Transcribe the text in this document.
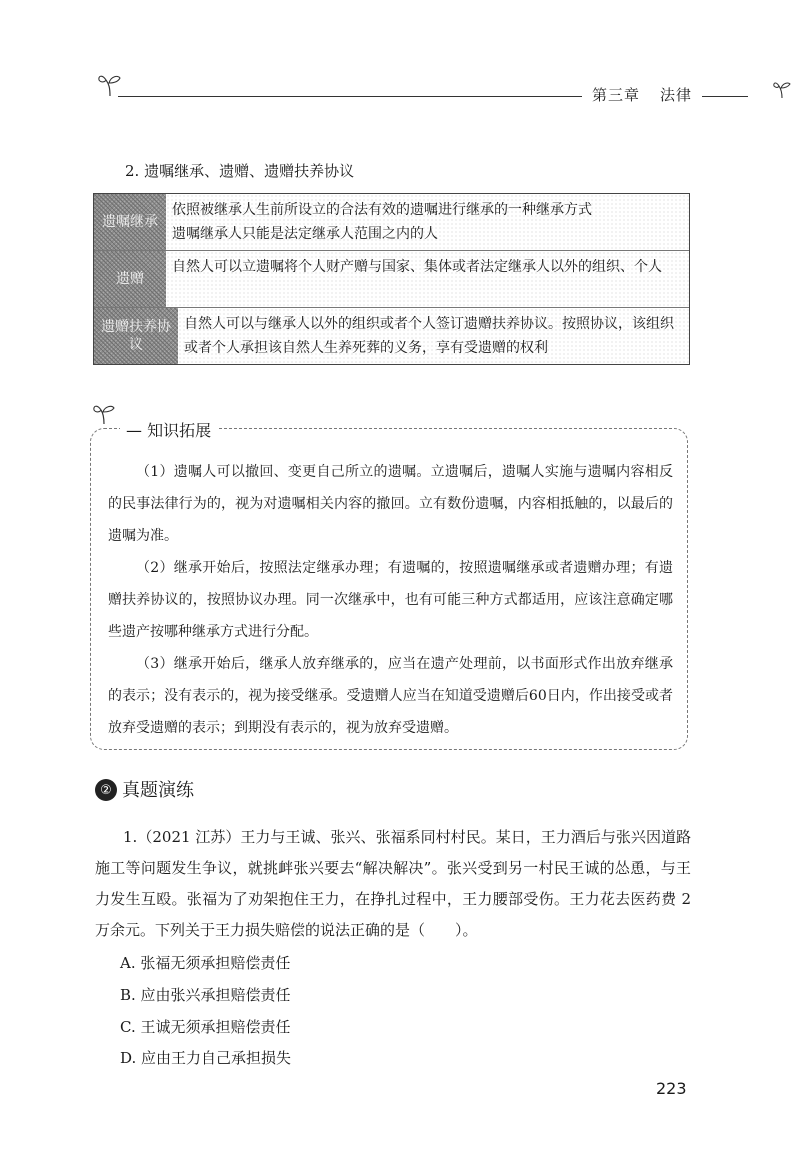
第三章 法律
2. 遗嘱继承、遗赠、遗赠扶养协议
遗嘱继承
依照被继承人生前所设立的合法有效的遗嘱进行继承的一种继承方式
遗嘱继承人只能是法定继承人范围之内的人
遗赠
自然人可以立遗嘱将个人财产赠与国家、集体或者法定继承人以外的组织、个人
遗赠扶养协议
自然人可以与继承人以外的组织或者个人签订遗赠扶养协议。按照协议，该组织或者个人承担该自然人生养死葬的义务，享有受遗赠的权利
— 知识拓展
（1）遗嘱人可以撤回、变更自己所立的遗嘱。立遗嘱后，遗嘱人实施与遗嘱内容相反的民事法律行为的，视为对遗嘱相关内容的撤回。立有数份遗嘱，内容相抵触的，以最后的遗嘱为准。
（2）继承开始后，按照法定继承办理；有遗嘱的，按照遗嘱继承或者遗赠办理；有遗赠扶养协议的，按照协议办理。同一次继承中，也有可能三种方式都适用，应该注意确定哪些遗产按哪种继承方式进行分配。
（3）继承开始后，继承人放弃继承的，应当在遗产处理前，以书面形式作出放弃继承的表示；没有表示的，视为接受继承。受遗赠人应当在知道受遗赠后60日内，作出接受或者放弃受遗赠的表示；到期没有表示的，视为放弃受遗赠。
② 真题演练
1.（2021 江苏）王力与王诚、张兴、张福系同村村民。某日，王力酒后与张兴因道路施工等问题发生争议，就挑衅张兴要去“解决解决”。张兴受到另一村民王诚的怂恿，与王力发生互殴。张福为了劝架抱住王力，在挣扎过程中，王力腰部受伤。王力花去医药费 2 万余元。下列关于王力损失赔偿的说法正确的是（　　）。
A. 张福无须承担赔偿责任
B. 应由张兴承担赔偿责任
C. 王诚无须承担赔偿责任
D. 应由王力自己承担损失
223
